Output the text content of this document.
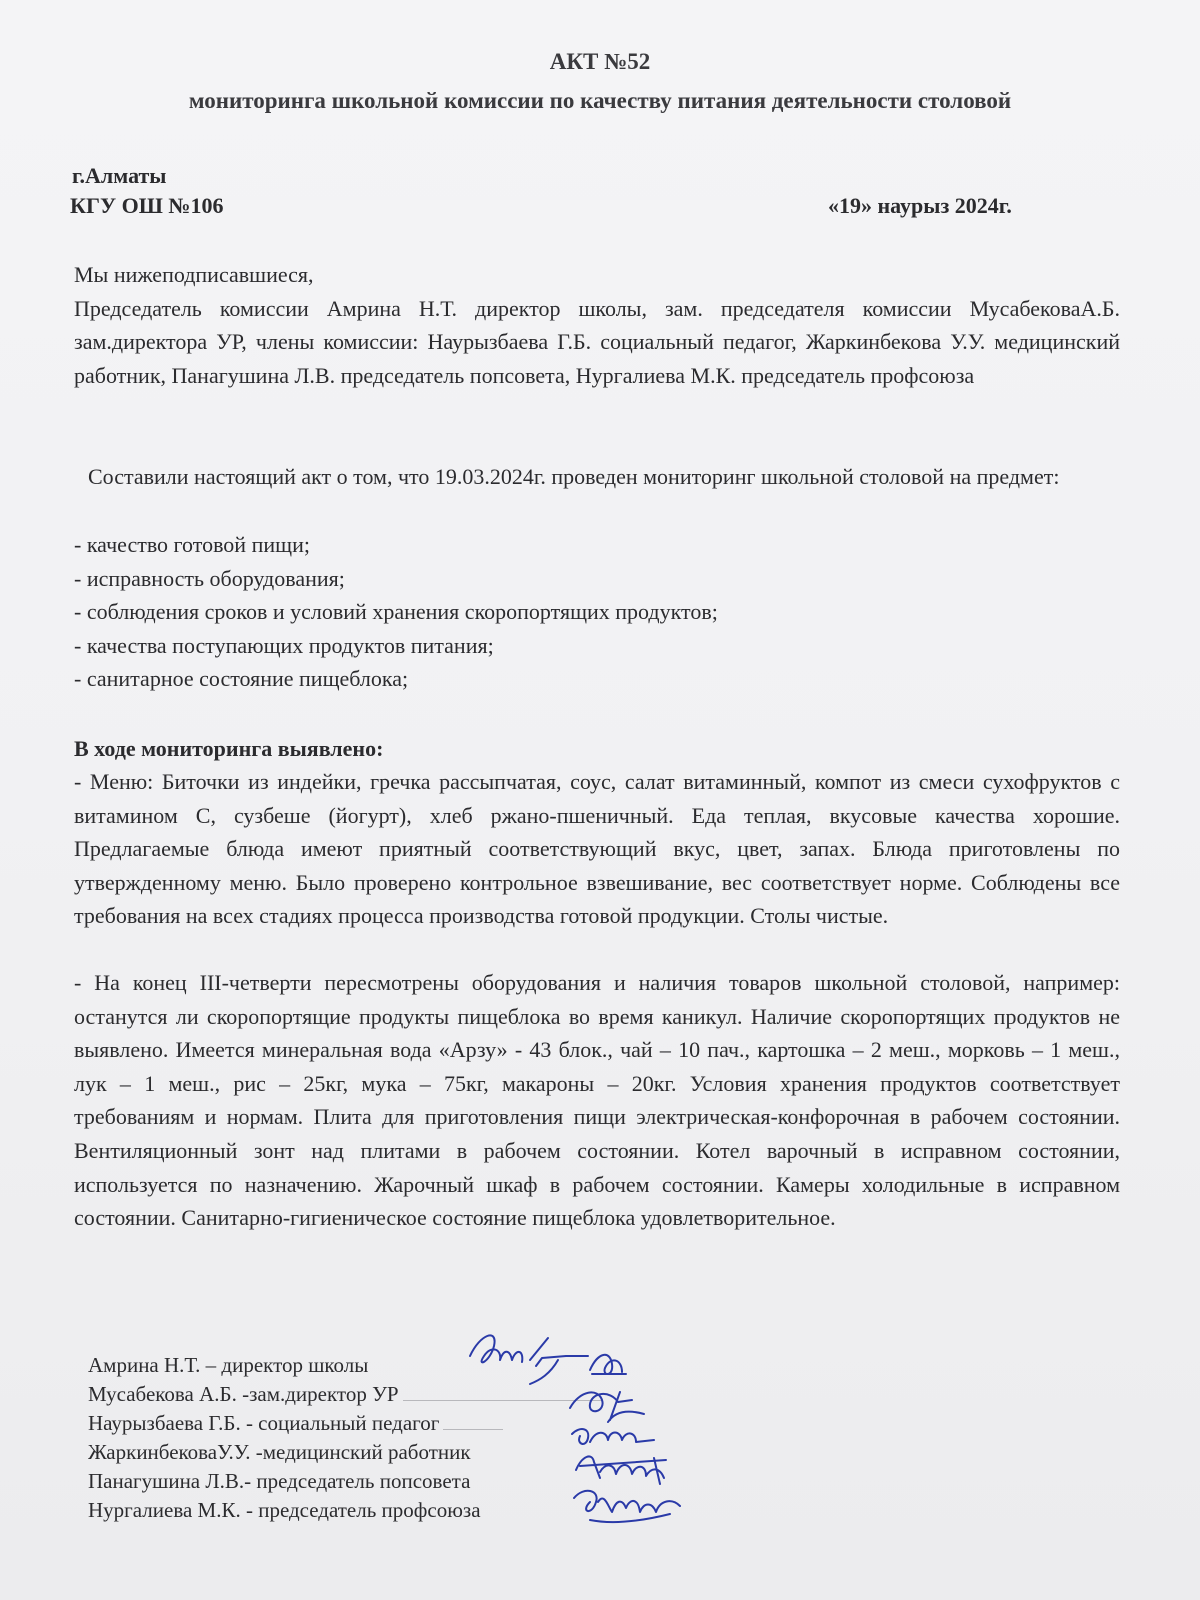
АКТ №52
мониторинга школьной комиссии по качеству питания деятельности столовой
г.Алматы
КГУ ОШ №106	«19» наурыз 2024г.

Мы нижеподписавшиеся,

Председатель комиссии Амрина Н.Т. директор школы, зам. председателя комиссии МусабековаА.Б. зам.директора УР, члены комиссии: Наурызбаева Г.Б. социальный педагог, Жаркинбекова У.У. медицинский работник, Панагушина Л.В. председатель попсовета, Нургалиева М.К. председатель профсоюза

Составили настоящий акт о том, что 19.03.2024г. проведен мониторинг школьной столовой на предмет:
- качество готовой пищи;
- исправность оборудования;
- соблюдения сроков и условий хранения скоропортящих продуктов;
- качества поступающих продуктов питания;
- санитарное состояние пищеблока;
В ходе мониторинга выявлено:
- Меню: Биточки из индейки, гречка рассыпчатая, соус, салат витаминный, компот из смеси сухофруктов с витамином С, сузбеше (йогурт), хлеб ржано-пшеничный. Еда теплая, вкусовые качества хорошие. Предлагаемые блюда имеют приятный соответствующий вкус, цвет, запах. Блюда приготовлены по утвержденному меню. Было проверено контрольное взвешивание, вес соответствует норме. Соблюдены все требования на всех стадиях процесса производства готовой продукции. Столы чистые.
- На конец III-четверти пересмотрены оборудования и наличия товаров школьной столовой, например: останутся ли скоропортящие продукты пищеблока во время каникул. Наличие скоропортящих продуктов не выявлено. Имеется минеральная вода «Арзу» - 43 блок., чай – 10 пач., картошка – 2 меш., морковь – 1 меш., лук – 1 меш., рис – 25кг, мука – 75кг, макароны – 20кг. Условия хранения продуктов соответствует требованиям и нормам. Плита для приготовления пищи электрическая-конфорочная в рабочем состоянии. Вентиляционный зонт над плитами в рабочем состоянии. Котел варочный в исправном состоянии, используется по назначению. Жарочный шкаф в рабочем состоянии. Камеры холодильные в исправном состоянии. Санитарно-гигиеническое состояние пищеблока удовлетворительное.
Амрина Н.Т. – директор школы
Мусабекова А.Б. -зам.директор УР
Наурызбаева Г.Б. - социальный педагог
ЖаркинбековаУ.У. -медицинский работник
Панагушина Л.В.- председатель попсовета
Нургалиева М.К. - председатель профсоюза
